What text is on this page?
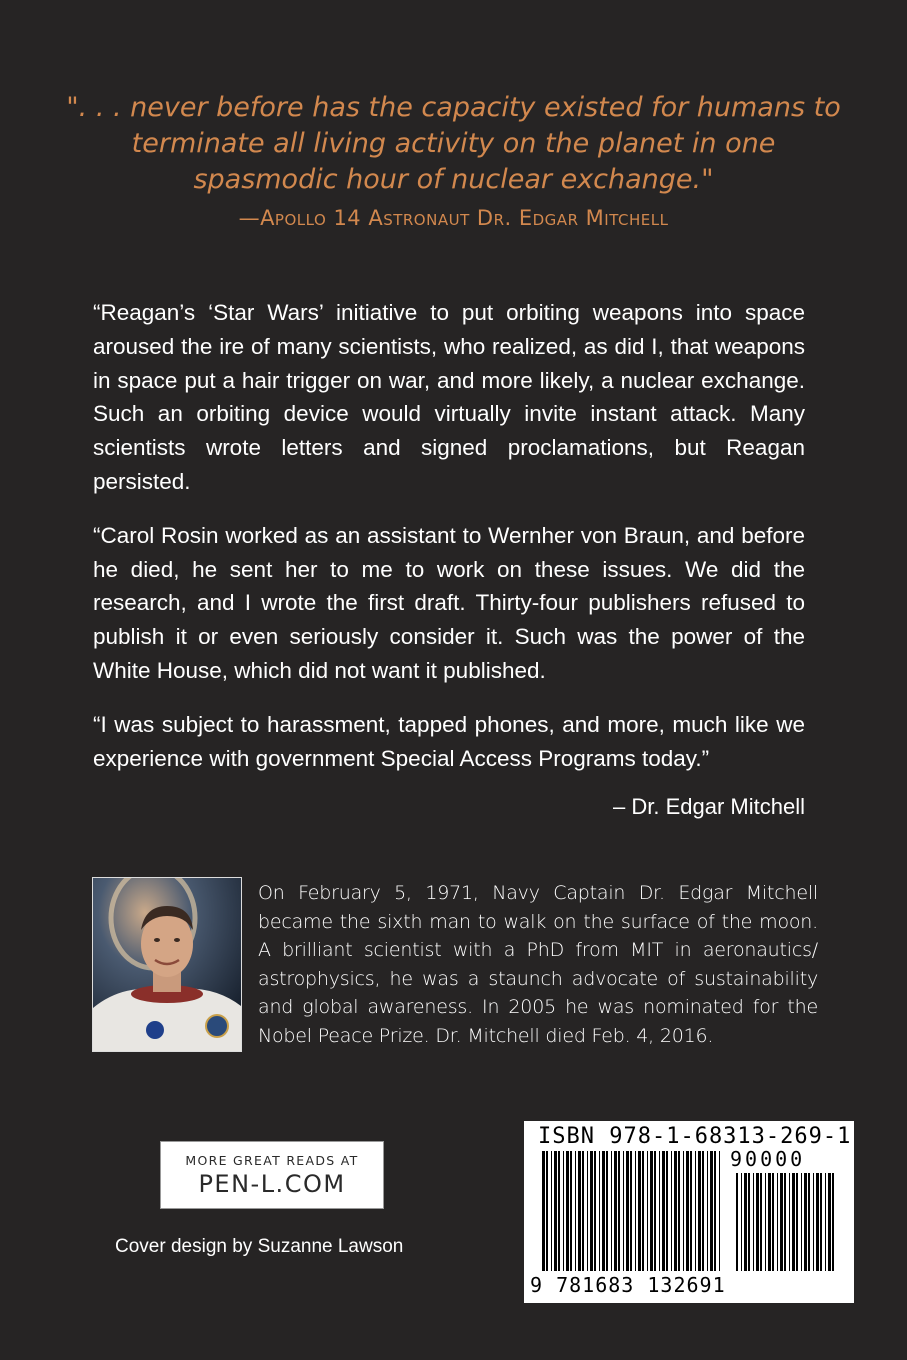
". . . never before has the capacity existed for humans to terminate all living activity on the planet in one spasmodic hour of nuclear exchange."

—Apollo 14 Astronaut Dr. Edgar Mitchell

“Reagan’s ‘Star Wars’ initiative to put orbiting weapons into space aroused the ire of many scientists, who realized, as did I, that weapons in space put a hair trigger on war, and more likely, a nuclear exchange. Such an orbiting device would virtually invite instant attack. Many scientists wrote letters and signed proclamations, but Reagan persisted.

“Carol Rosin worked as an assistant to Wernher von Braun, and before he died, he sent her to me to work on these issues. We did the research, and I wrote the first draft. Thirty-four publishers refused to publish it or even seriously consider it. Such was the power of the White House, which did not want it published.

“I was subject to harassment, tapped phones, and more, much like we experience with government Special Access Programs today.”

– Dr. Edgar Mitchell
On February 5, 1971, Navy Captain Dr. Edgar Mitchell became the sixth man to walk on the surface of the moon. A brilliant scientist with a PhD from MIT in aeronautics/ astrophysics, he was a staunch advocate of sustainability and global awareness. In 2005 he was nominated for the Nobel Peace Prize. Dr. Mitchell died Feb. 4, 2016.
MORE GREAT READS AT
PEN-L.COM
Cover design by Suzanne Lawson
ISBN 978-1-68313-269-1
90000
9 781683 132691
